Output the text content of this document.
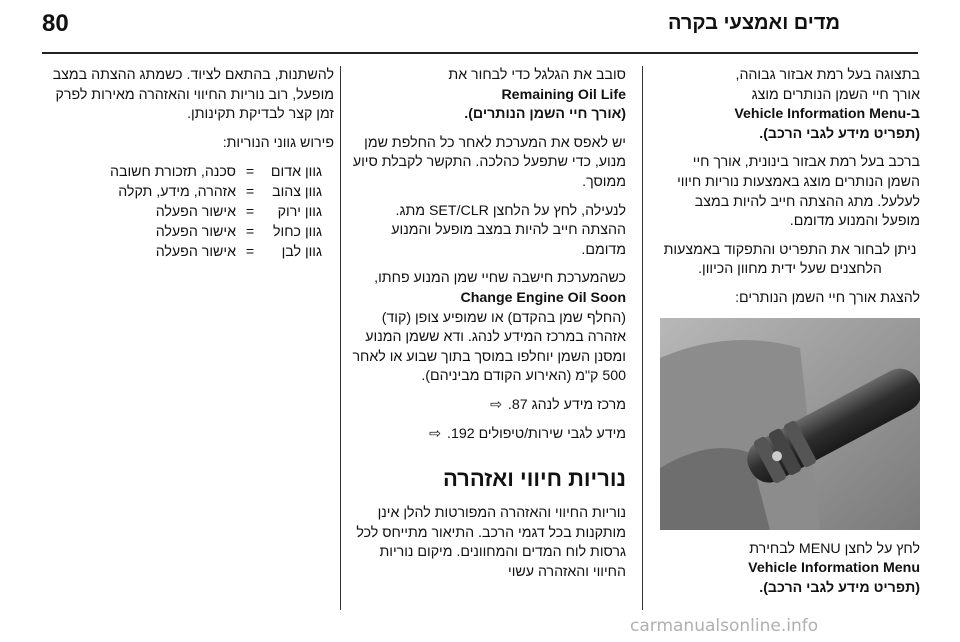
80	מדים ואמצעי בקרה

בתצוגה בעל רמת אבזור גבוהה,
אורך חיי השמן הנותרים מוצג
ב-Vehicle Information Menu
(תפריט מידע לגבי הרכב).

ברכב בעל רמת אבזור בינונית, אורך חיי השמן הנותרים מוצג באמצעות נוריות חיווי לעלעל. מתג ההצתה חייב להיות במצב מופעל והמנוע מדומם.

ניתן לבחור את התפריט והתפקוד באמצעות הלחצנים שעל ידית מחוון הכיוון.

להצגת אורך חיי השמן הנותרים:

לחץ על לחצן MENU לבחירת
Vehicle Information Menu
(תפריט מידע לגבי הרכב).

סובב את הגלגל כדי לבחור את
Remaining Oil Life
(אורך חיי השמן הנותרים).

יש לאפס את המערכת לאחר כל החלפת שמן מנוע, כדי שתפעל כהלכה. התקשר לקבלת סיוע ממוסך.

לנעילה, לחץ על הלחצן SET/CLR מתג. ההצתה חייב להיות במצב מופעל והמנוע מדומם.

כשהמערכת חישבה שחיי שמן המנוע פחתו,
Change Engine Oil Soon
(החלף שמן בהקדם) או שמופיע צופן (קוד) אזהרה במרכז המידע לנהג. ודא ששמן המנוע ומסנן השמן יוחלפו במוסך בתוך שבוע או לאחר 500 ק"מ (האירוע הקודם מביניהם).

מרכז מידע לנהג 87. ⇨

מידע לגבי שירות/טיפולים 192. ⇨

נוריות חיווי ואזהרה

נוריות החיווי והאזהרה המפורטות להלן אינן מותקנות בכל דגמי הרכב. התיאור מתייחס לכל גרסות לוח המדים והמחוונים. מיקום נוריות החיווי והאזהרה עשוי

להשתנות, בהתאם לציוד. כשמתג ההצתה במצב מופעל, רוב נוריות החיווי והאזהרה מאירות לפרק זמן קצר לבדיקת תקינותן.

פירוש גווני הנוריות:

גוון אדום
=
סכנה, תזכורת חשובה
גוון צהוב
=
אזהרה, מידע, תקלה
גוון ירוק
=
אישור הפעלה
גוון כחול
=
אישור הפעלה
גוון לבן
=
אישור הפעלה
carmanualsonline.info
